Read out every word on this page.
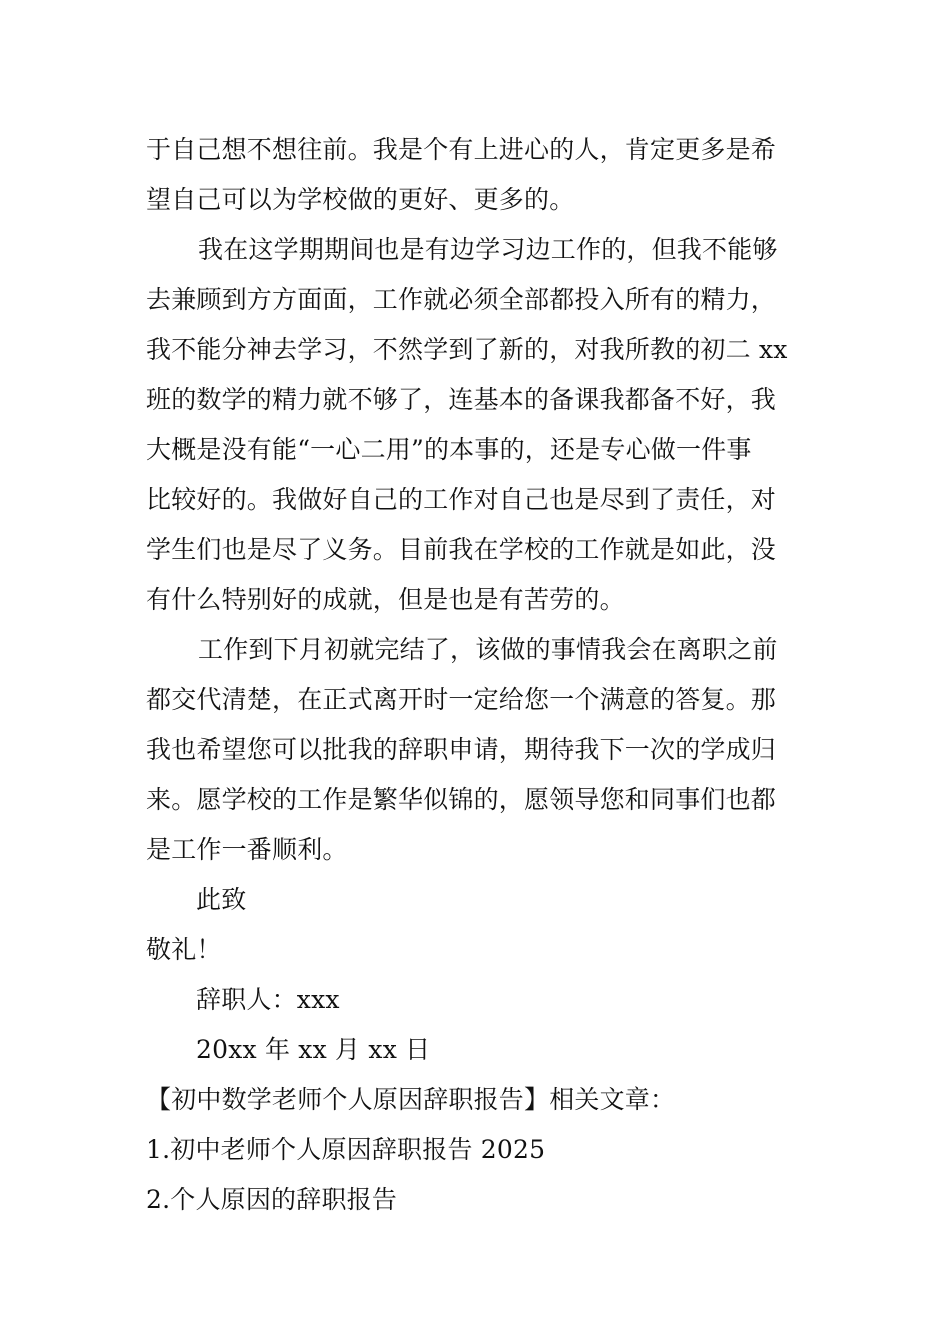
于自己想不想往前。我是个有上进心的人，肯定更多是希
望自己可以为学校做的更好、更多的。
我在这学期期间也是有边学习边工作的，但我不能够
去兼顾到方方面面，工作就必须全部都投入所有的精力，
我不能分神去学习，不然学到了新的，对我所教的初二 xx
班的数学的精力就不够了，连基本的备课我都备不好，我
大概是没有能“一心二用”的本事的，还是专心做一件事
比较好的。我做好自己的工作对自己也是尽到了责任，对
学生们也是尽了义务。目前我在学校的工作就是如此，没
有什么特别好的成就，但是也是有苦劳的。
工作到下月初就完结了，该做的事情我会在离职之前
都交代清楚，在正式离开时一定给您一个满意的答复。那
我也希望您可以批我的辞职申请，期待我下一次的学成归
来。愿学校的工作是繁华似锦的，愿领导您和同事们也都
是工作一番顺利。
此致
敬礼！
辞职人：xxx
20xx 年 xx 月 xx 日
【初中数学老师个人原因辞职报告】相关文章：
1.初中老师个人原因辞职报告 2025
2.个人原因的辞职报告
